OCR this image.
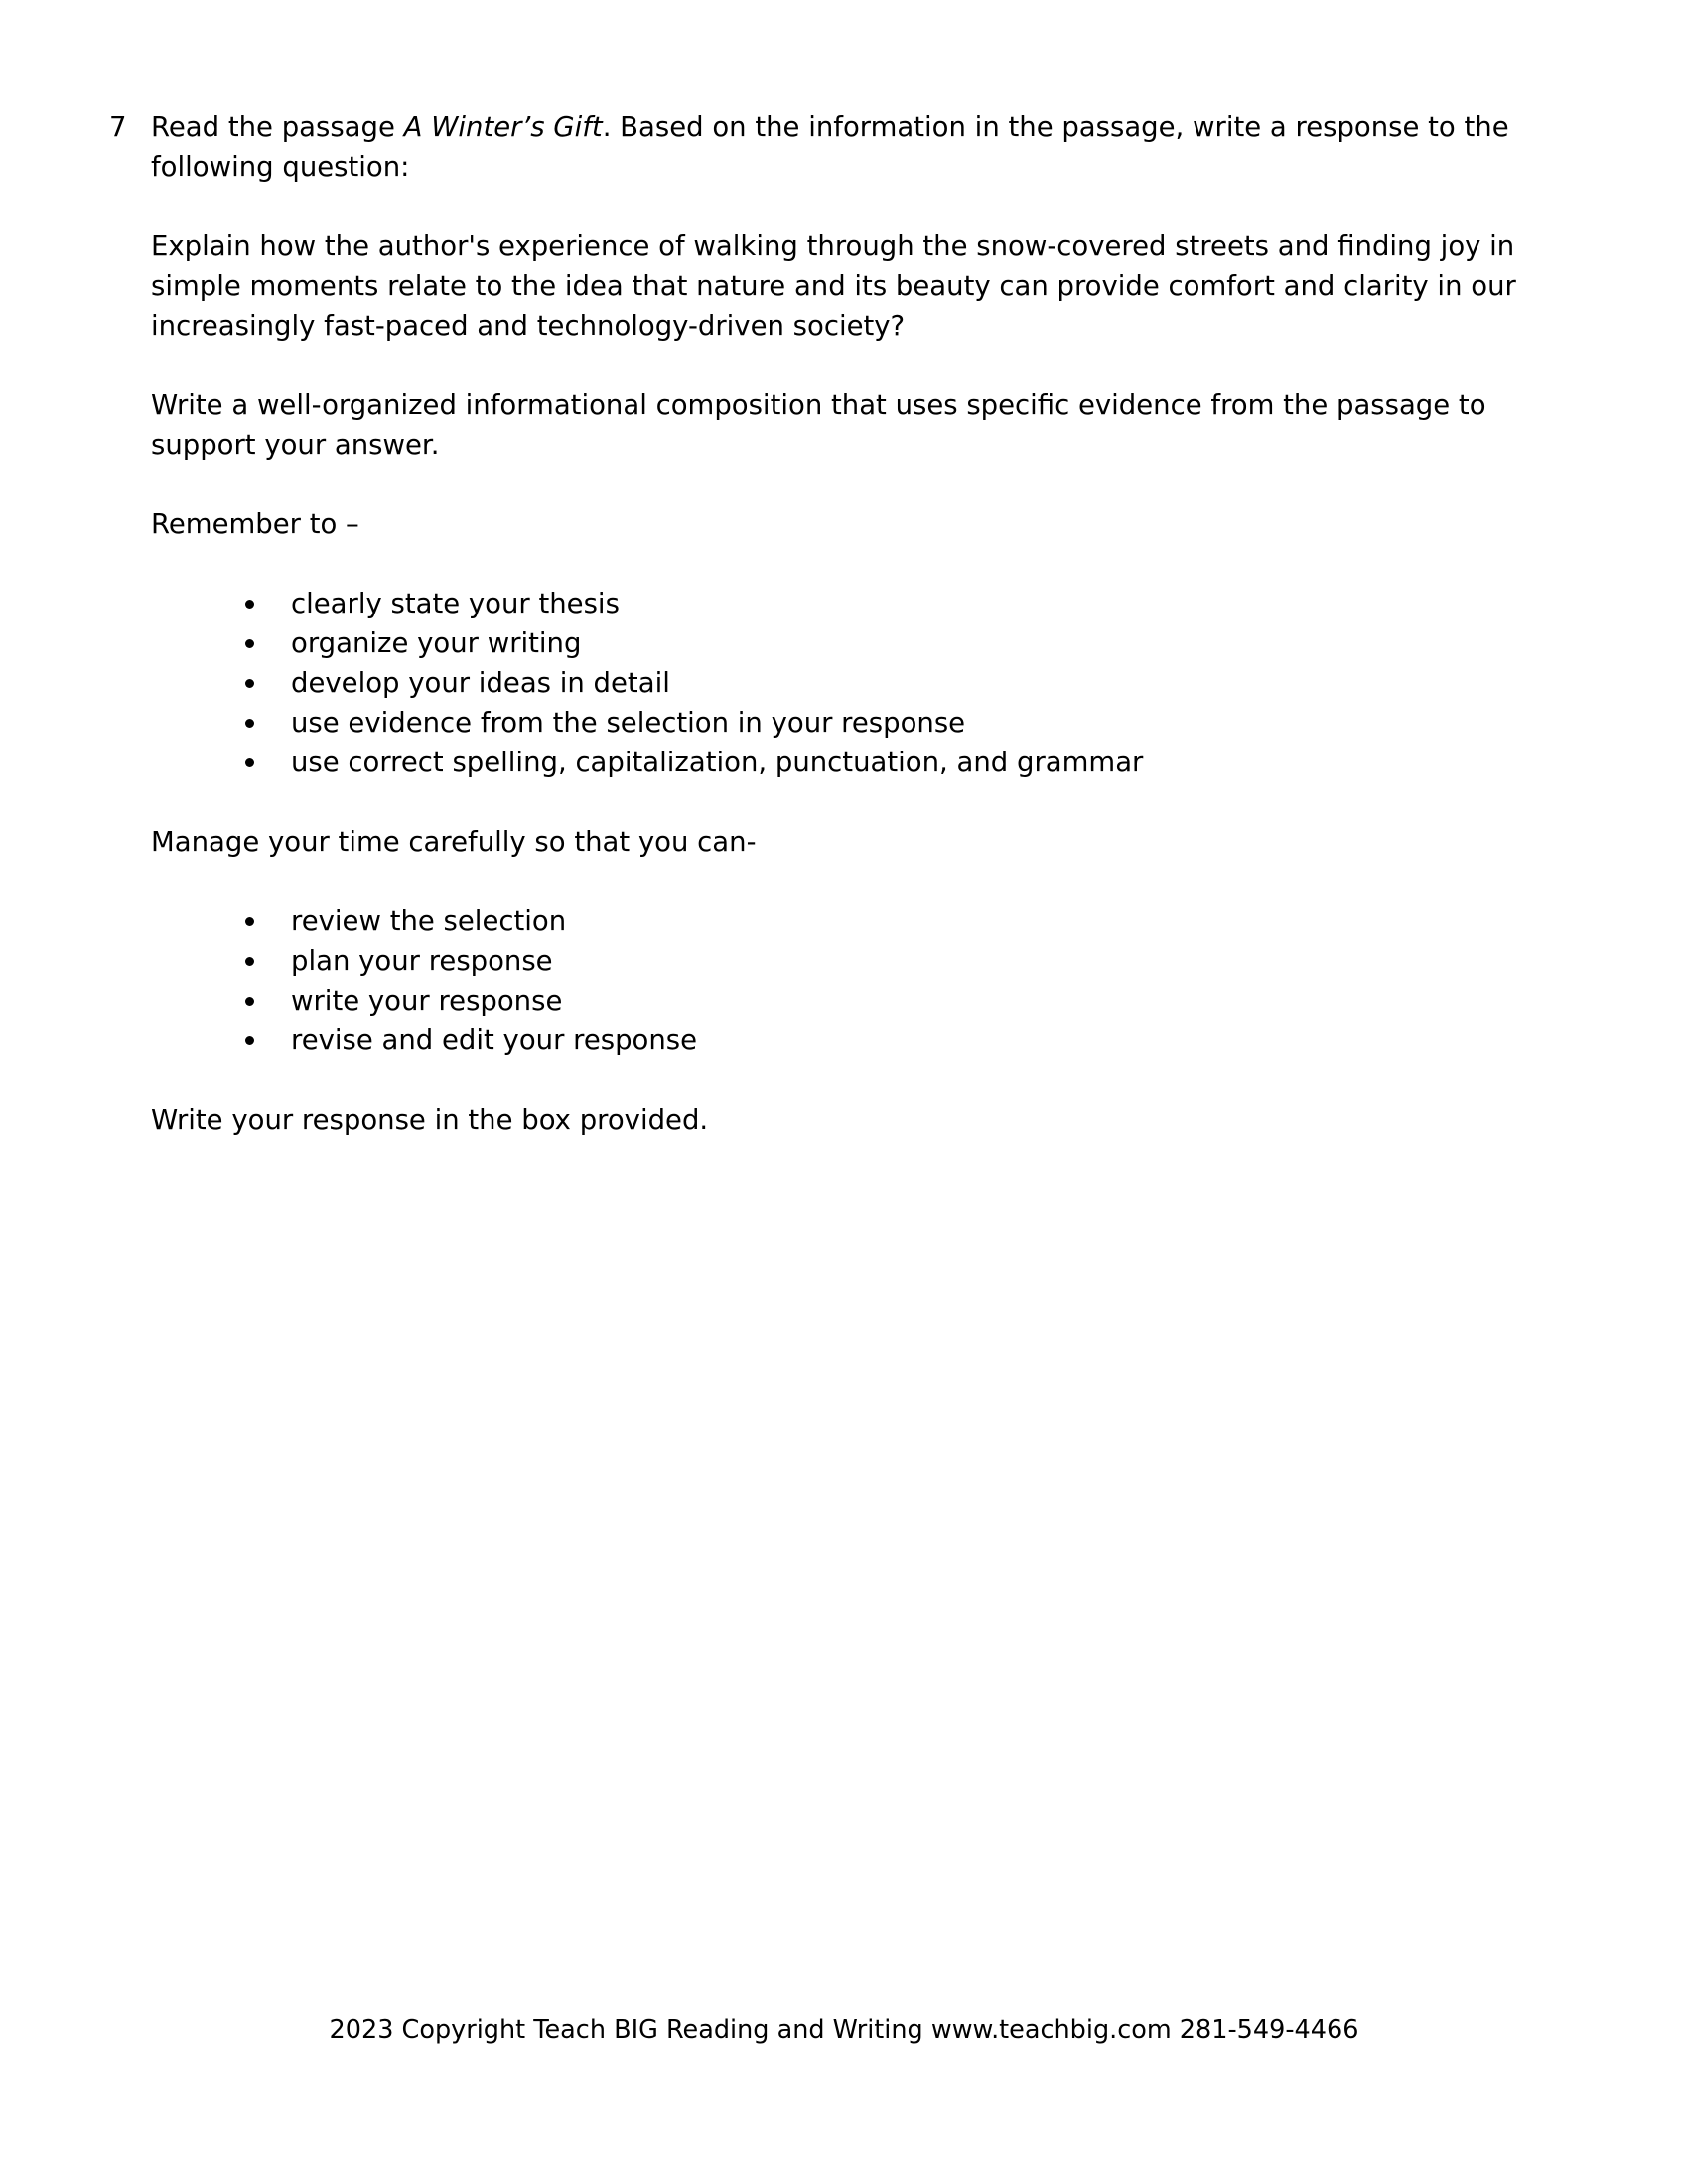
7 Read the passage A Winter’s Gift. Based on the information in the passage, write a response to the following question:

Explain how the author's experience of walking through the snow-covered streets and finding joy in simple moments relate to the idea that nature and its beauty can provide comfort and clarity in our increasingly fast-paced and technology-driven society?

Write a well-organized informational composition that uses specific evidence from the passage to support your answer.

Remember to –

clearly state your thesis
organize your writing
develop your ideas in detail
use evidence from the selection in your response
use correct spelling, capitalization, punctuation, and grammar

Manage your time carefully so that you can-

review the selection
plan your response
write your response
revise and edit your response

Write your response in the box provided.

2023 Copyright Teach BIG Reading and Writing www.teachbig.com 281-549-4466
